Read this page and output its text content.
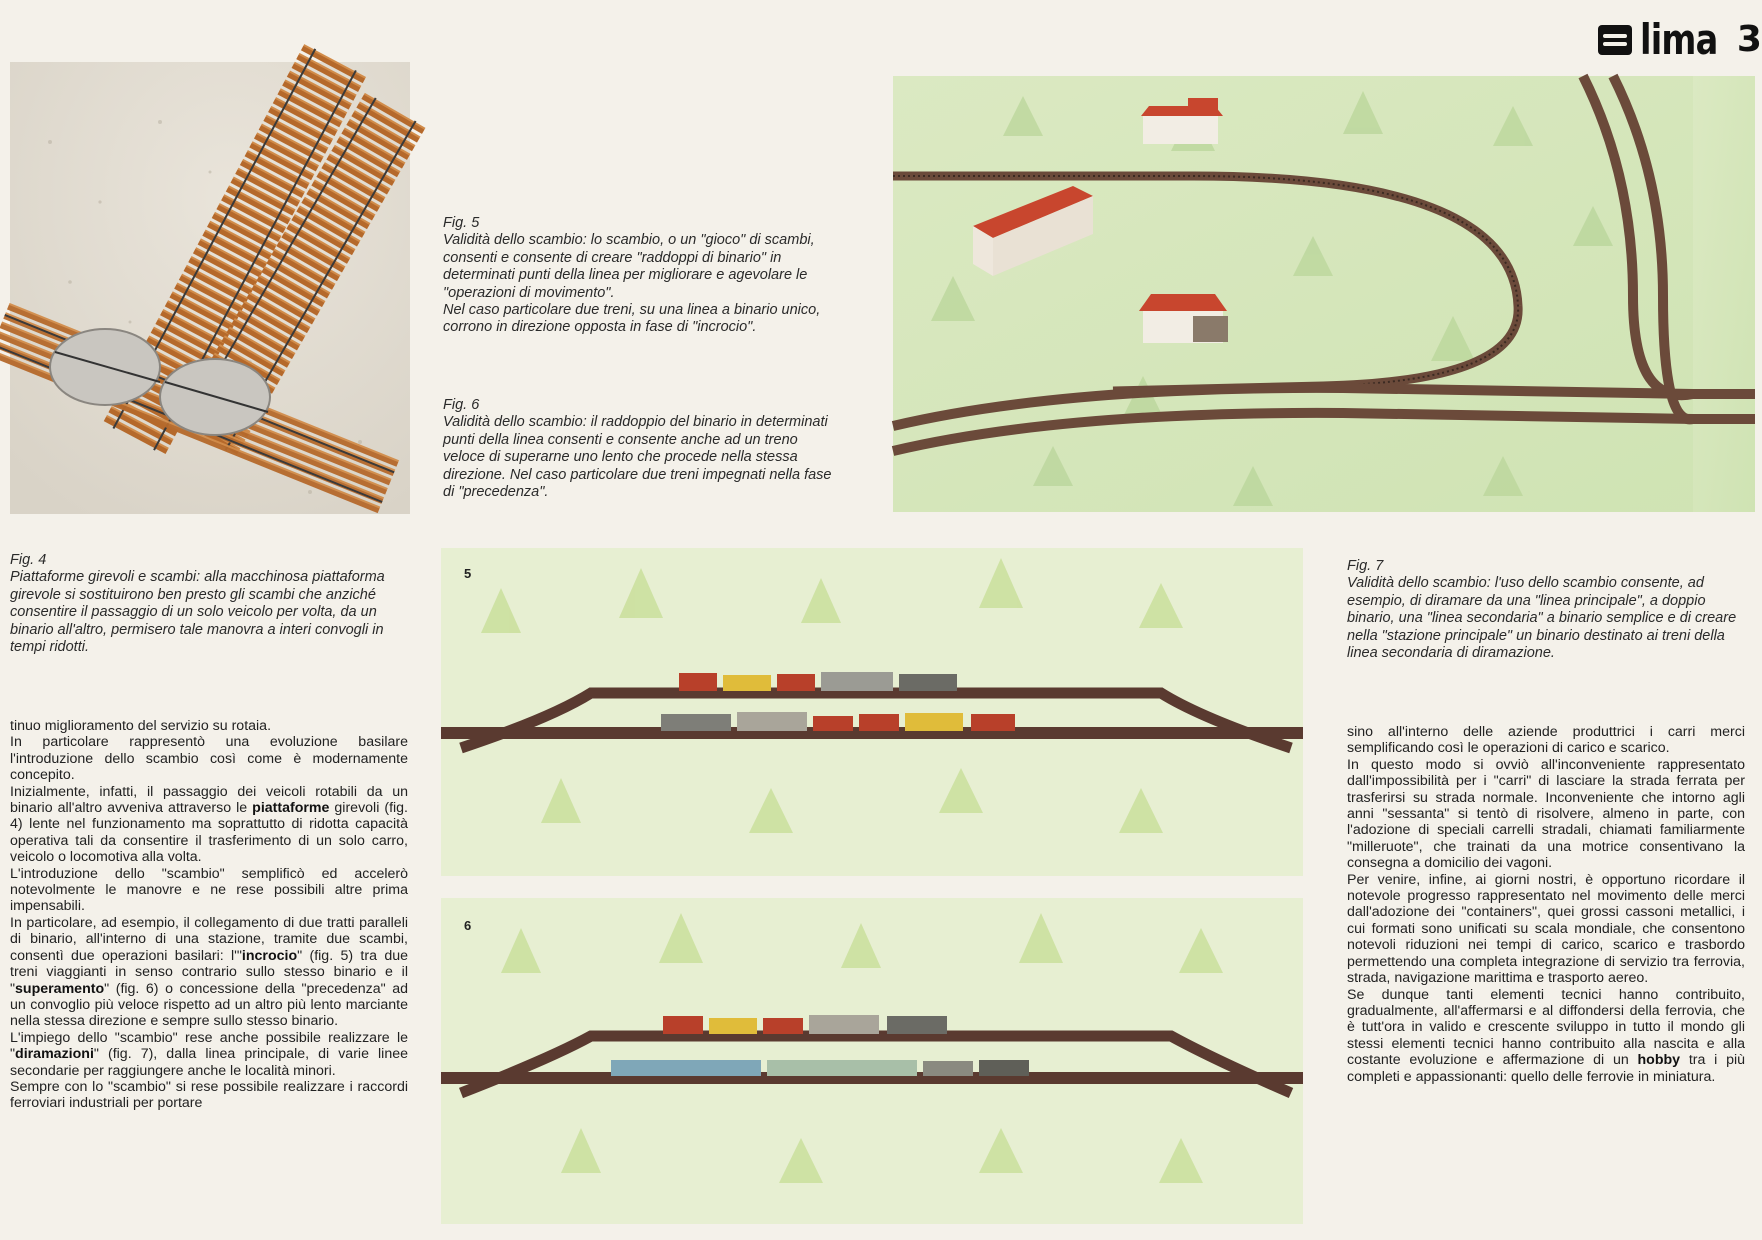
lima 3
Fig. 4
Piattaforme girevoli e scambi: alla macchinosa piattaforma girevole si sostituirono ben presto gli scambi che anziché consentire il passaggio di un solo veicolo per volta, da un binario all'altro, permisero tale manovra a interi convogli in tempi ridotti.
Fig. 5
Validità dello scambio: lo scambio, o un "gioco" di scambi, consenti e consente di creare "raddoppi di binario" in determinati punti della linea per migliorare e agevolare le "operazioni di movimento".
Nel caso particolare due treni, su una linea a binario unico, corrono in direzione opposta in fase di "incrocio".
Fig. 6
Validità dello scambio: il raddoppio del binario in determinati punti della linea consenti e consente anche ad un treno veloce di superarne uno lento che procede nella stessa direzione. Nel caso particolare due treni impegnati nella fase di "precedenza".
Fig. 7
Validità dello scambio: l'uso dello scambio consente, ad esempio, di diramare da una "linea principale", a doppio binario, una "linea secondaria" a binario semplice e di creare nella "stazione principale" un binario destinato ai treni della linea secondaria di diramazione.
5
6

tinuo miglioramento del servizio su rotaia.

In particolare rappresentò una evoluzione basilare l'introduzione dello scambio così come è modernamente concepito.

Inizialmente, infatti, il passaggio dei veicoli rotabili da un binario all'altro avveniva attraverso le piattaforme girevoli (fig. 4) lente nel funzionamento ma soprattutto di ridotta capacità operativa tali da consentire il trasferimento di un solo carro, veicolo o locomotiva alla volta.

L'introduzione dello "scambio" semplificò ed accelerò notevolmente le manovre e ne rese possibili altre prima impensabili.

In particolare, ad esempio, il collegamento di due tratti paralleli di binario, all'interno di una stazione, tramite due scambi, consentì due operazioni basilari: l'"incrocio" (fig. 5) tra due treni viaggianti in senso contrario sullo stesso binario e il "superamento" (fig. 6) o concessione della "precedenza" ad un convoglio più veloce rispetto ad un altro più lento marciante nella stessa direzione e sempre sullo stesso binario.

L'impiego dello "scambio" rese anche possibile realizzare le "diramazioni" (fig. 7), dalla linea principale, di varie linee secondarie per raggiungere anche le località minori.

Sempre con lo "scambio" si rese possibile realizzare i raccordi ferroviari industriali per portare

sino all'interno delle aziende produttrici i carri merci semplificando così le operazioni di carico e scarico.

In questo modo si ovviò all'inconveniente rappresentato dall'impossibilità per i "carri" di lasciare la strada ferrata per trasferirsi su strada normale. Inconveniente che intorno agli anni "sessanta" si tentò di risolvere, almeno in parte, con l'adozione di speciali carrelli stradali, chiamati familiarmente "milleruote", che trainati da una motrice consentivano la consegna a domicilio dei vagoni.

Per venire, infine, ai giorni nostri, è opportuno ricordare il notevole progresso rappresentato nel movimento delle merci dall'adozione dei "containers", quei grossi cassoni metallici, i cui formati sono unificati su scala mondiale, che consentono notevoli riduzioni nei tempi di carico, scarico e trasbordo permettendo una completa integrazione di servizio tra ferrovia, strada, navigazione marittima e trasporto aereo.

Se dunque tanti elementi tecnici hanno contribuito, gradualmente, all'affermarsi e al diffondersi della ferrovia, che è tutt'ora in valido e crescente sviluppo in tutto il mondo gli stessi elementi tecnici hanno contribuito alla nascita e alla costante evoluzione e affermazione di un hobby tra i più completi e appassionanti: quello delle ferrovie in miniatura.
